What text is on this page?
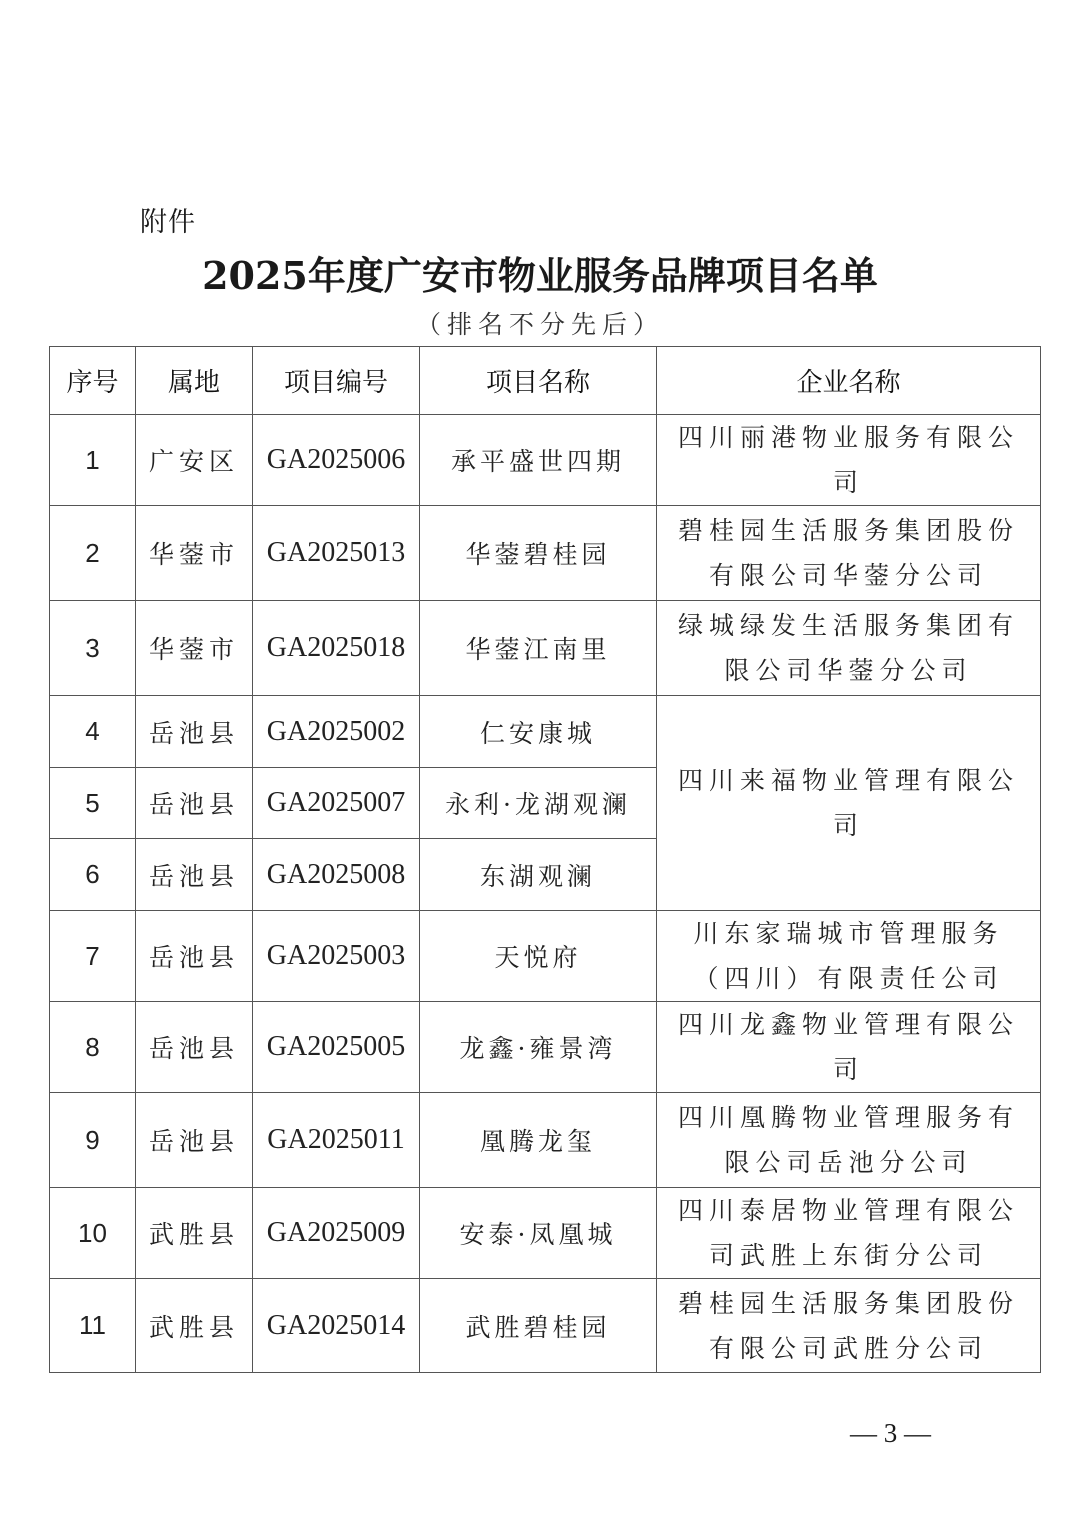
附件
2025年度广安市物业服务品牌项目名单
（排名不分先后）
序号	属地	项目编号	项目名称	企业名称
1	广安区	GA2025006	承平盛世四期	四川丽港物业服务有限公司
2	华蓥市	GA2025013	华蓥碧桂园	碧桂园生活服务集团股份有限公司华蓥分公司
3	华蓥市	GA2025018	华蓥江南里	绿城绿发生活服务集团有限公司华蓥分公司
4	岳池县	GA2025002	仁安康城	四川来福物业管理有限公司
5	岳池县	GA2025007	永利·龙湖观澜	
6	岳池县	GA2025008	东湖观澜	
7	岳池县	GA2025003	天悦府	川东家瑞城市管理服务（四川）有限责任公司
8	岳池县	GA2025005	龙鑫·雍景湾	四川龙鑫物业管理有限公司
9	岳池县	GA2025011	凰腾龙玺	四川凰腾物业管理服务有限公司岳池分公司
10	武胜县	GA2025009	安泰·凤凰城	四川泰居物业管理有限公司武胜上东街分公司
11	武胜县	GA2025014	武胜碧桂园	碧桂园生活服务集团股份有限公司武胜分公司
— 3 —
